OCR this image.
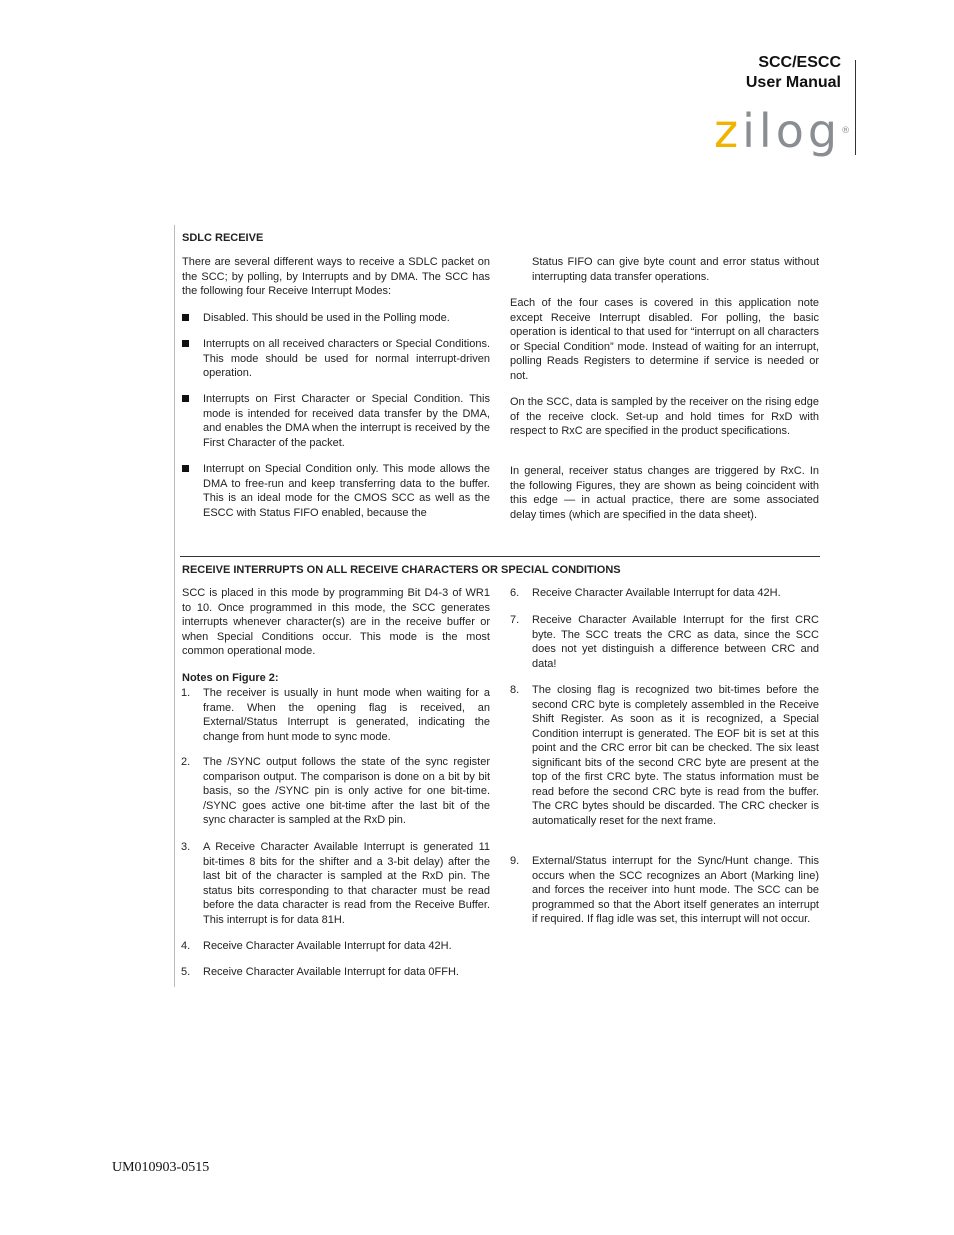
SCC/ESCC
User Manual
zilog®
SDLC RECEIVE
There are several different ways to receive a SDLC packet on the SCC; by polling, by Interrupts and by DMA. The SCC has the following four Receive Interrupt Modes:

Disabled. This should be used in the Polling mode.

Interrupts on all received characters or Special Conditions. This mode should be used for normal interrupt-driven operation.

Interrupts on First Character or Special Condition. This mode is intended for received data transfer by the DMA, and enables the DMA when the interrupt is received by the First Character of the packet.

Interrupt on Special Condition only. This mode allows the DMA to free-run and keep transferring data to the buffer. This is an ideal mode for the CMOS SCC as well as the ESCC with Status FIFO enabled, because the

Status FIFO can give byte count and error status without interrupting data transfer operations.
Each of the four cases is covered in this application note except Receive Interrupt disabled. For polling, the basic operation is identical to that used for “interrupt on all characters or Special Condition” mode. Instead of waiting for an interrupt, polling Reads Registers to determine if service is needed or not.
On the SCC, data is sampled by the receiver on the rising edge of the receive clock. Set-up and hold times for RxD with respect to RxC are specified in the product specifications.
In general, receiver status changes are triggered by RxC. In the following Figures, they are shown as being coincident with this edge — in actual practice, there are some associated delay times (which are specified in the data sheet).
RECEIVE INTERRUPTS ON ALL RECEIVE CHARACTERS OR SPECIAL CONDITIONS
SCC is placed in this mode by programming Bit D4-3 of WR1 to 10. Once programmed in this mode, the SCC generates interrupts whenever character(s) are in the receive buffer or when Special Conditions occur. This mode is the most common operational mode.
Notes on Figure 2:
1. The receiver is usually in hunt mode when waiting for a frame. When the opening flag is received, an External/Status Interrupt is generated, indicating the change from hunt mode to sync mode.

2. The /SYNC output follows the state of the sync register comparison output. The comparison is done on a bit by bit basis, so the /SYNC pin is only active for one bit-time. /SYNC goes active one bit-time after the last bit of the sync character is sampled at the RxD pin.

3. A Receive Character Available Interrupt is generated 11 bit-times 8 bits for the shifter and a 3-bit delay) after the last bit of the character is sampled at the RxD pin. The status bits corresponding to that character must be read before the data character is read from the Receive Buffer. This interrupt is for data 81H.

4. Receive Character Available Interrupt for data 42H.

5. Receive Character Available Interrupt for data 0FFH.

6. Receive Character Available Interrupt for data 42H.

7. Receive Character Available Interrupt for the first CRC byte. The SCC treats the CRC as data, since the SCC does not yet distinguish a difference between CRC and data!

8. The closing flag is recognized two bit-times before the second CRC byte is completely assembled in the Receive Shift Register. As soon as it is recognized, a Special Condition interrupt is generated. The EOF bit is set at this point and the CRC error bit can be checked. The six least significant bits of the second CRC byte are present at the top of the first CRC byte. The status information must be read before the second CRC byte is read from the buffer. The CRC bytes should be discarded. The CRC checker is automatically reset for the next frame.

9. External/Status interrupt for the Sync/Hunt change. This occurs when the SCC recognizes an Abort (Marking line) and forces the receiver into hunt mode. The SCC can be programmed so that the Abort itself generates an interrupt if required. If flag idle was set, this interrupt will not occur.

UM010903-0515
